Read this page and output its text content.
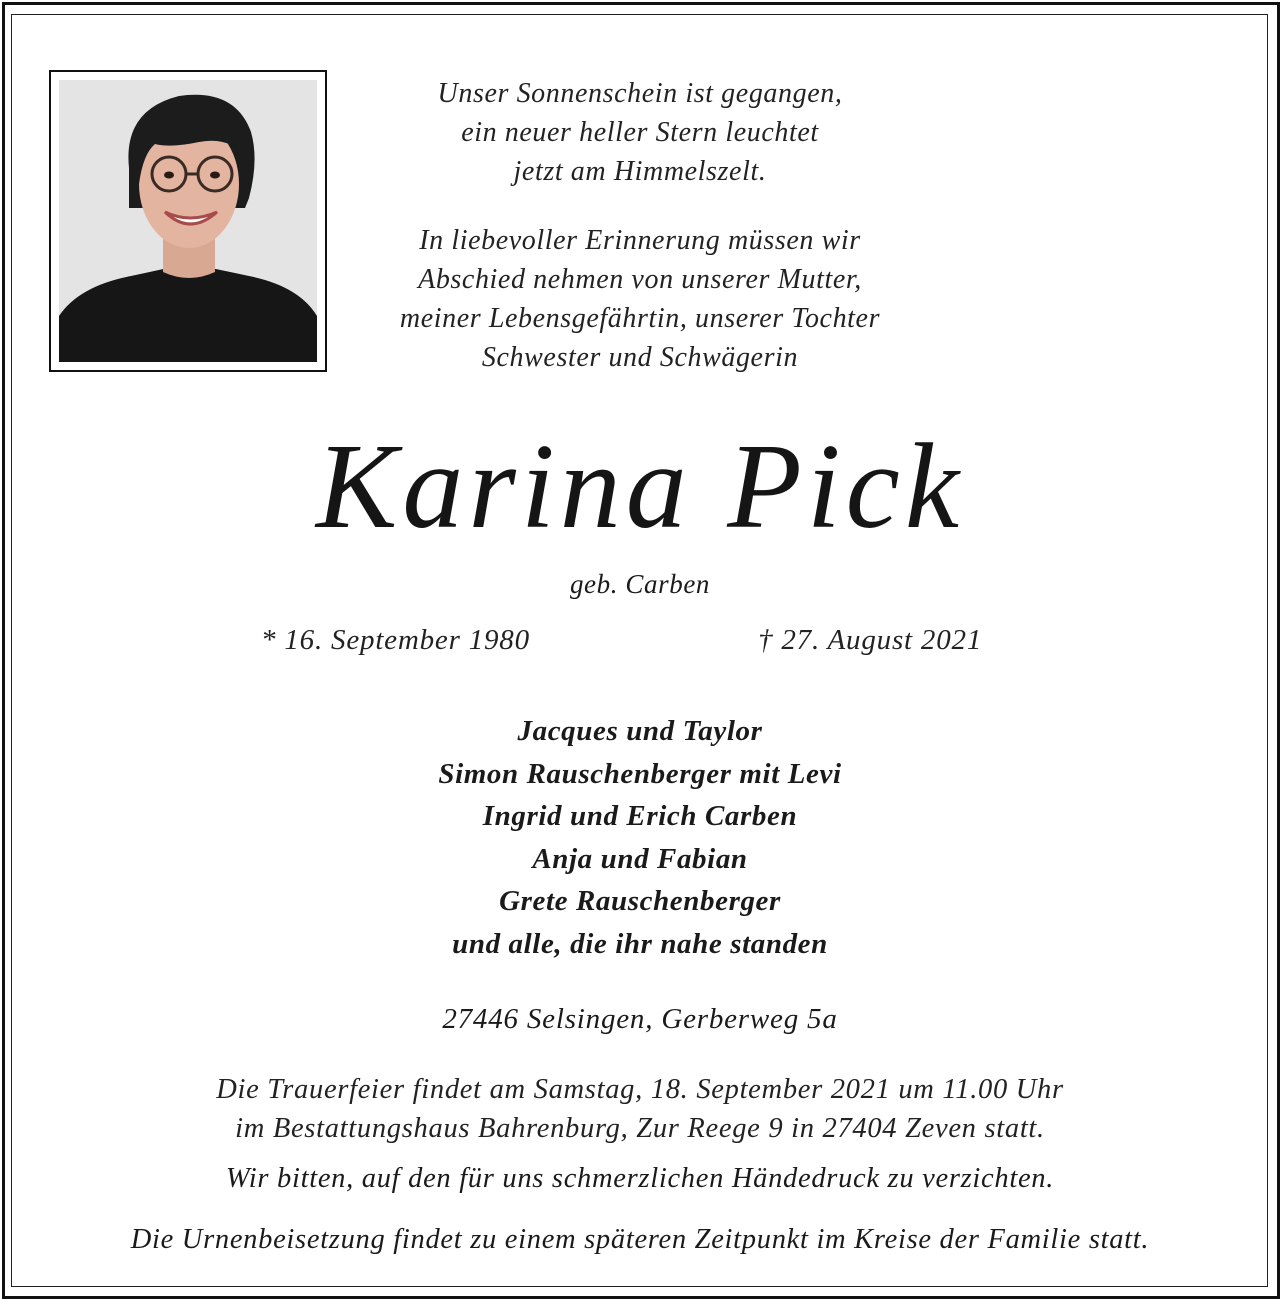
Unser Sonnenschein ist gegangen,
ein neuer heller Stern leuchtet
jetzt am Himmelszelt.
In liebevoller Erinnerung müssen wir
Abschied nehmen von unserer Mutter,
meiner Lebensgefährtin, unserer Tochter
Schwester und Schwägerin
Karina Pick
geb. Carben
* 16. September 1980	† 27. August 2021
Jacques und Taylor
Simon Rauschenberger mit Levi
Ingrid und Erich Carben
Anja und Fabian
Grete Rauschenberger
und alle, die ihr nahe standen
27446 Selsingen, Gerberweg 5a
Die Trauerfeier findet am Samstag, 18. September 2021 um 11.00 Uhr
im Bestattungshaus Bahrenburg, Zur Reege 9 in 27404 Zeven statt.
Wir bitten, auf den für uns schmerzlichen Händedruck zu verzichten.
Die Urnenbeisetzung findet zu einem späteren Zeitpunkt im Kreise der Familie statt.
